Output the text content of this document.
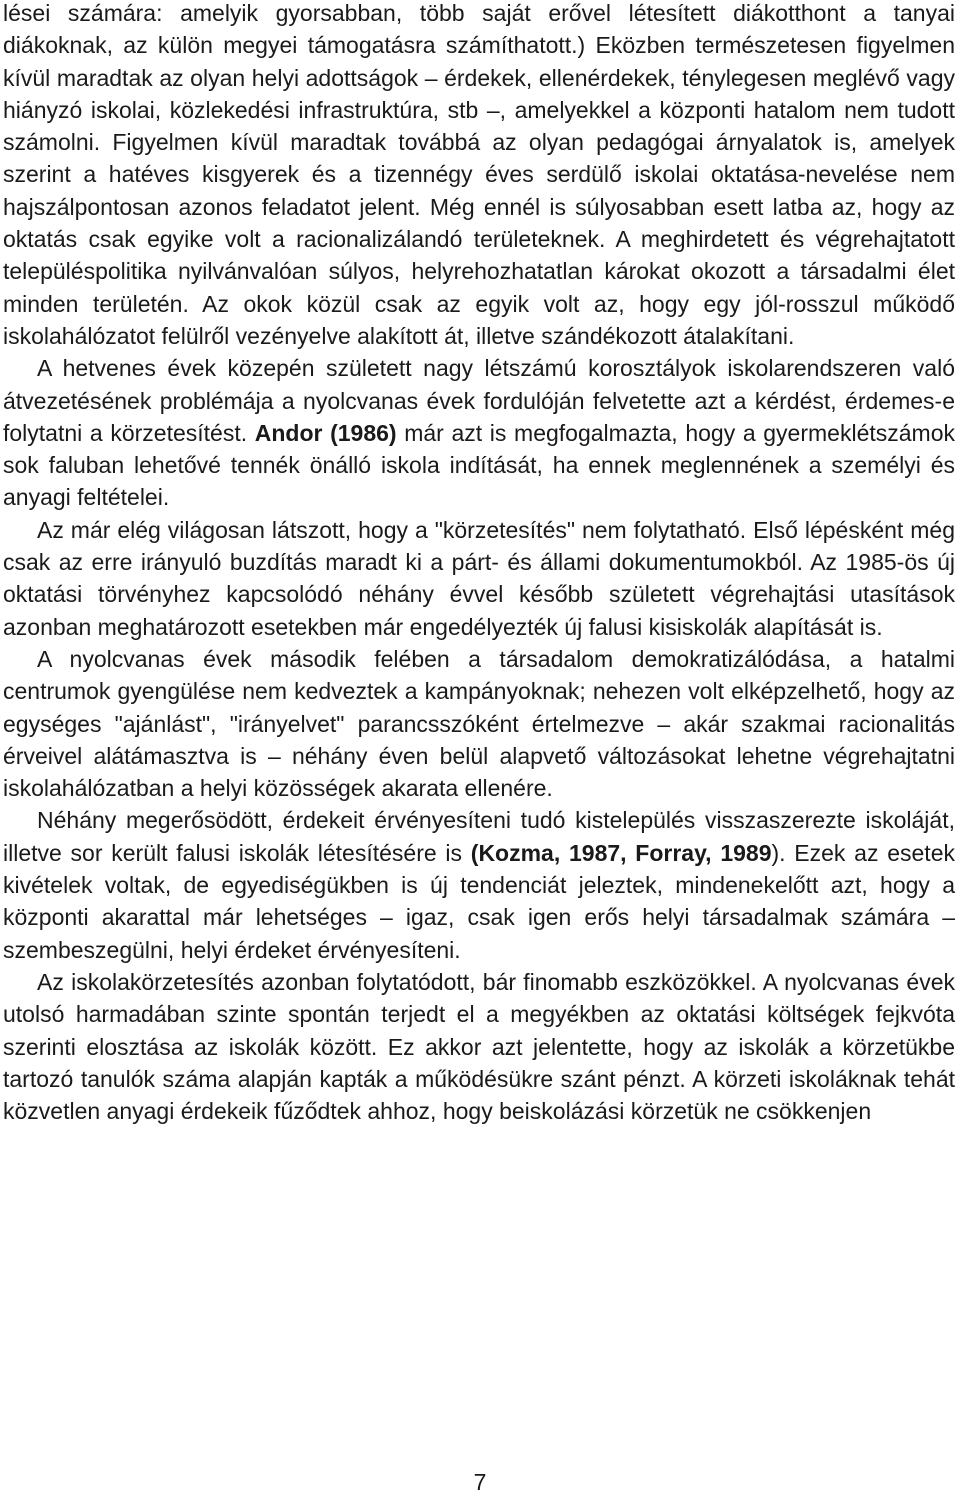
lései számára: amelyik gyorsabban, több saját erővel létesített diákotthont a tanyai diákoknak, az külön megyei támogatásra számíthatott.) Eközben természetesen figyelmen kívül maradtak az olyan helyi adottságok – érdekek, ellenérdekek, ténylegesen meglévő vagy hiányzó iskolai, közlekedési infrastruktúra, stb –, amelyekkel a központi hatalom nem tudott számolni. Figyelmen kívül maradtak továbbá az olyan pedagógai árnyalatok is, amelyek szerint a hatéves kisgyerek és a tizennégy éves serdülő iskolai oktatása-nevelése nem hajszálpontosan azonos feladatot jelent. Még ennél is súlyosabban esett latba az, hogy az oktatás csak egyike volt a racionalizálandó területeknek. A meghirdetett és végrehajtatott településpolitika nyilvánvalóan súlyos, helyrehozhatatlan károkat okozott a társadalmi élet minden területén. Az okok közül csak az egyik volt az, hogy egy jól-rosszul működő iskolahálózatot felülről vezényelve alakított át, illetve szándékozott átalakítani.

A hetvenes évek közepén született nagy létszámú korosztályok iskolarendszeren való átvezetésének problémája a nyolcvanas évek fordulóján felvetette azt a kérdést, érdemes-e folytatni a körzetesítést. Andor (1986) már azt is megfogalmazta, hogy a gyermeklétszámok sok faluban lehetővé tennék önálló iskola indítását, ha ennek meglennének a személyi és anyagi feltételei.

Az már elég világosan látszott, hogy a "körzetesítés" nem folytatható. Első lépésként még csak az erre irányuló buzdítás maradt ki a párt- és állami dokumentumokból. Az 1985-ös új oktatási törvényhez kapcsolódó néhány évvel később született végrehajtási utasítások azonban meghatározott esetekben már engedélyezték új falusi kisiskolák alapítását is.

A nyolcvanas évek második felében a társadalom demokratizálódása, a hatalmi centrumok gyengülése nem kedveztek a kampányoknak; nehezen volt elképzelhető, hogy az egységes "ajánlást", "irányelvet" parancsszóként értelmezve – akár szakmai racionalitás érveivel alátámasztva is – néhány éven belül alapvető változásokat lehetne végrehajtatni iskolahálózatban a helyi közösségek akarata ellenére.

Néhány megerősödött, érdekeit érvényesíteni tudó kistelepülés visszaszerezte iskoláját, illetve sor került falusi iskolák létesítésére is (Kozma, 1987, Forray, 1989). Ezek az esetek kivételek voltak, de egyediségükben is új tendenciát jeleztek, mindenekelőtt azt, hogy a központi akarattal már lehetséges – igaz, csak igen erős helyi társadalmak számára – szembeszegülni, helyi érdeket érvényesíteni.

Az iskolakörzetesítés azonban folytatódott, bár finomabb eszközökkel. A nyolcvanas évek utolsó harmadában szinte spontán terjedt el a megyékben az oktatási költségek fejkvóta szerinti elosztása az iskolák között. Ez akkor azt jelentette, hogy az iskolák a körzetükbe tartozó tanulók száma alapján kapták a működésükre szánt pénzt. A körzeti iskoláknak tehát közvetlen anyagi érdekeik fűződtek ahhoz, hogy beiskolázási körzetük ne csökkenjen

7
